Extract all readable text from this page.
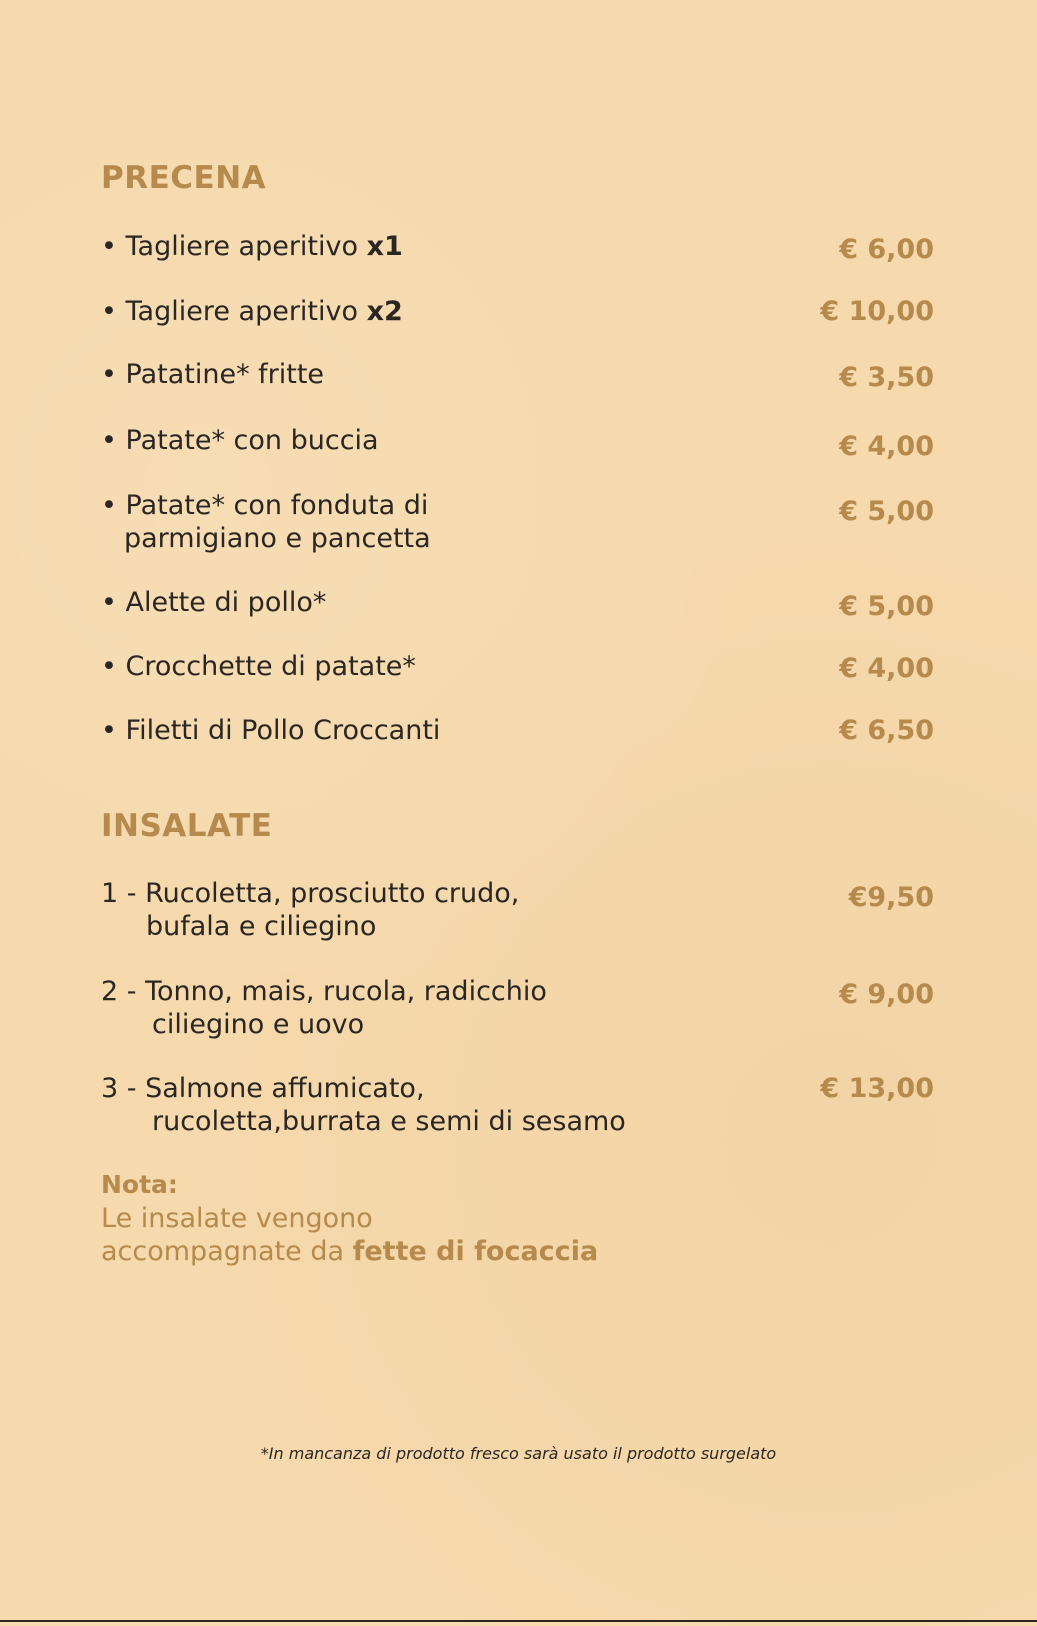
PRECENA
• Tagliere aperitivo x1	€ 6,00
• Tagliere aperitivo x2	€ 10,00
• Patatine* fritte	€ 3,50
• Patate* con buccia	€ 4,00
• Patate* con fonduta di
parmigiano e pancetta
€ 5,00
• Alette di pollo*	€ 5,00
• Crocchette di patate*	€ 4,00
• Filetti di Pollo Croccanti	€ 6,50
INSALATE
1 - Rucoletta, prosciutto crudo,
bufala e ciliegino
€9,50
2 - Tonno, mais, rucola, radicchio
ciliegino e uovo
€ 9,00
3 - Salmone affumicato,
rucoletta,burrata e semi di sesamo
€ 13,00
Nota:
Le insalate vengono
accompagnate da fette di focaccia
*In mancanza di prodotto fresco sarà usato il prodotto surgelato
